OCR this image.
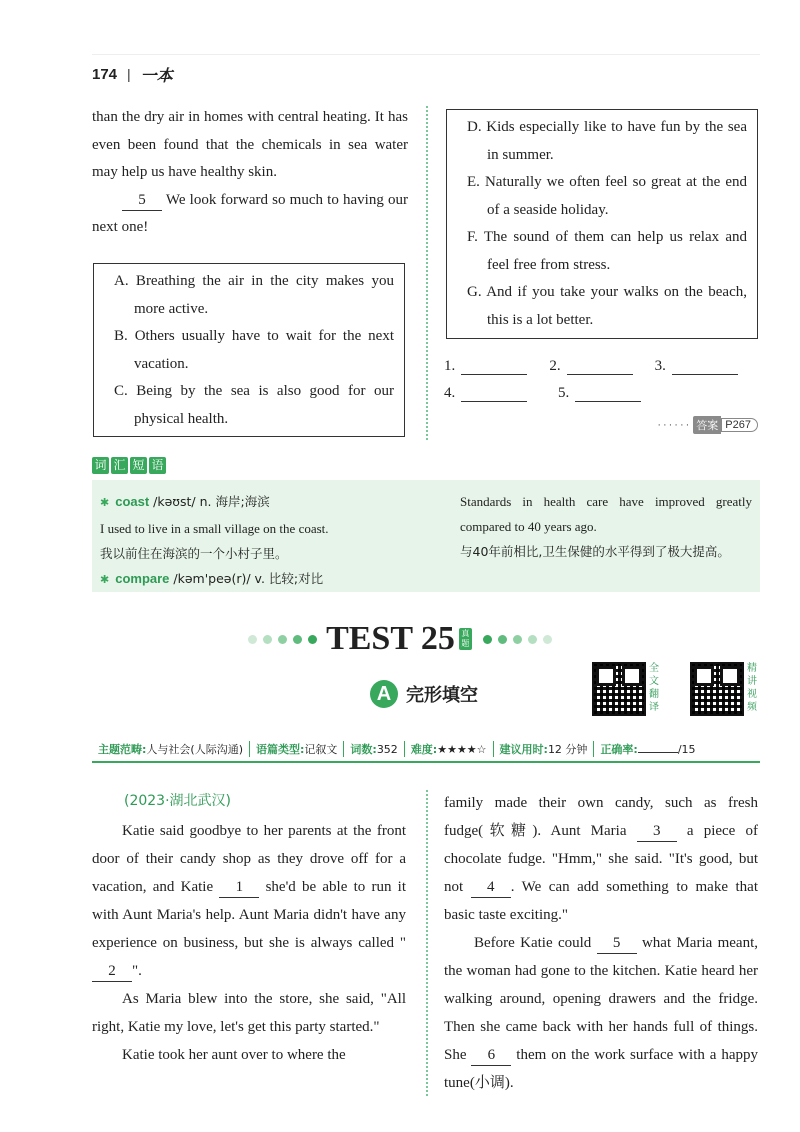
174 | 一本

than the dry air in homes with central heating. It has even been found that the chemicals in sea water may help us have healthy skin.

5 We look forward so much to having our next one!

A. Breathing the air in the city makes you more active.
B. Others usually have to wait for the next vacation.
C. Being by the sea is also good for our physical health.
D. Kids especially like to have fun by the sea in summer.
E. Naturally we often feel so great at the end of a seaside holiday.
F. The sound of them can help us relax and feel free from stress.
G. And if you take your walks on the beach, this is a lot better.
1.	2.	3.
4.	5.
······ 答案 P267
词 汇 短 语
✱ coast /kəʊst/ n. 海岸;海滨
I used to live in a small village on the coast.
我以前住在海滨的一个小村子里。
✱ compare /kəm'peə(r)/ v. 比较;对比
Standards in health care have improved greatly compared to 40 years ago.
与40年前相比,卫生保健的水平得到了极大提高。
TEST 25 真题
A 完形填空
全
文
翻
译
精
讲
视
频
主题范畴:人与社会(人际沟通)	语篇类型:记叙文	词数:352	难度:★★★★☆	建议用时:12 分钟	正确率:	/15
(2023·湖北武汉)

Katie said goodbye to her parents at the front door of their candy shop as they drove off for a vacation, and Katie 1 she'd be able to run it with Aunt Maria's help. Aunt Maria didn't have any experience on business, but she is always called "2 ".

As Maria blew into the store, she said, "All right, Katie my love, let's get this party started."

Katie took her aunt over to where the

family made their own candy, such as fresh fudge(软糖). Aunt Maria 3 a piece of chocolate fudge. "Hmm," she said. "It's good, but not 4 . We can add something to make that basic taste exciting."

Before Katie could 5 what Maria meant, the woman had gone to the kitchen. Katie heard her walking around, opening drawers and the fridge. Then she came back with her hands full of things. She 6 them on the work surface with a happy tune(小调).
